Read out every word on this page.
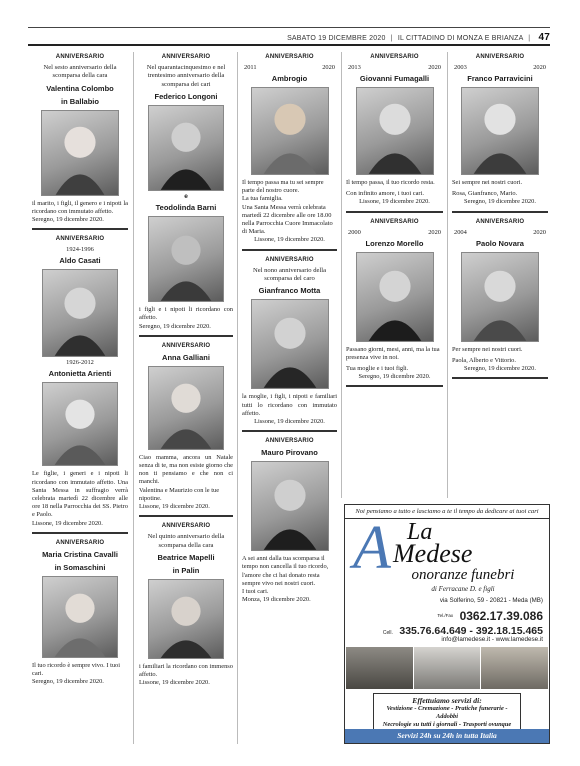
SABATO 19 DICEMBRE 2020 | IL CITTADINO DI MONZA E BRIANZA | 47
ANNIVERSARIO
Nel sesto anniversario della scomparsa della cara
Valentina Colombo
in Ballabio
il marito, i figli, il genero e i nipoti la ricordano con immutato affetto.
Seregno, 19 dicembre 2020.
ANNIVERSARIO
1924-1996
Aldo Casati
1926-2012
Antonietta Arienti
Le figlie, i generi e i nipoti li ricordano con immutato affetto. Una Santa Messa in suffragio verrà celebrata martedì 22 dicembre alle ore 18 nella Parrocchia dei SS. Pietro e Paolo.
Lissone, 19 dicembre 2020.
ANNIVERSARIO
Maria Cristina Cavalli
in Somaschini
Il tuo ricordo è sempre vivo. I tuoi cari.
Seregno, 19 dicembre 2020.
ANNIVERSARIO
Nel quarantacinquesimo e nel trentesimo anniversario della scomparsa dei cari
Federico Longoni
e
Teodolinda Barni
i figli e i nipoti li ricordano con affetto.
Seregno, 19 dicembre 2020.
ANNIVERSARIO
Anna Galliani
Ciao mamma, ancora un Natale senza di te, ma non esiste giorno che non ti pensiamo e che non ci manchi.
Valentina e Maurizio con le tue nipotine.
Lissone, 19 dicembre 2020.
ANNIVERSARIO
Nel quinto anniversario della scomparsa della cara
Beatrice Mapelli
in Palin
i familiari la ricordano con immenso affetto.
Lissone, 19 dicembre 2020.
ANNIVERSARIO
2011	2020
Ambrogio

Il tempo passa ma tu sei sempre parte del nostro cuore.

La tua famiglia.

Una Santa Messa verrà celebrata martedì 22 dicembre alle ore 18.00 nella Parrocchia Cuore Immacolato di Maria.

Lissone, 19 dicembre 2020.
ANNIVERSARIO
Nel nono anniversario della scomparsa del caro
Gianfranco Motta
la moglie, i figli, i nipoti e familiari tutti lo ricordano con immutato affetto.
Lissone, 19 dicembre 2020.
ANNIVERSARIO
Mauro Pirovano

A sei anni dalla tua scomparsa il tempo non cancella il tuo ricordo, l'amore che ci hai donato resta sempre vivo nei nostri cuori.

I tuoi cari.

Monza, 19 dicembre 2020.
ANNIVERSARIO
2013	2020
Giovanni Fumagalli

Il tempo passa, il tuo ricordo resta.

Con infinito amore, i tuoi cari.

Lissone, 19 dicembre 2020.
ANNIVERSARIO
2000	2020
Lorenzo Morello

Passano giorni, mesi, anni, ma la tua presenza vive in noi.

Tua moglie e i tuoi figli.

Seregno, 19 dicembre 2020.
ANNIVERSARIO
2003	2020
Franco Parravicini

Sei sempre nei nostri cuori.

Rosa, Gianfranco, Mario.

Seregno, 19 dicembre 2020.
ANNIVERSARIO
2004	2020
Paolo Novara

Per sempre nei nostri cuori.

Paola, Alberto e Vittorio.

Seregno, 19 dicembre 2020.
Noi pensiamo a tutto e lasciamo a te il tempo da dedicare ai tuoi cari
A La
Medese
onoranze funebri
di Ferracane D. e figli
via Solferino, 59 - 20821 - Meda (MB)
Tel./Fax 0362.17.39.086
Cell. 335.76.64.649 - 392.18.15.465
info@lamedese.it - www.lamedese.it
Effettuiamo servizi di:
Vestizione - Cremazione - Pratiche funerarie - Addobbi
Necrologie su tutti i giornali - Trasporti ovunque
Servizi 24h su 24h in tutta Italia
